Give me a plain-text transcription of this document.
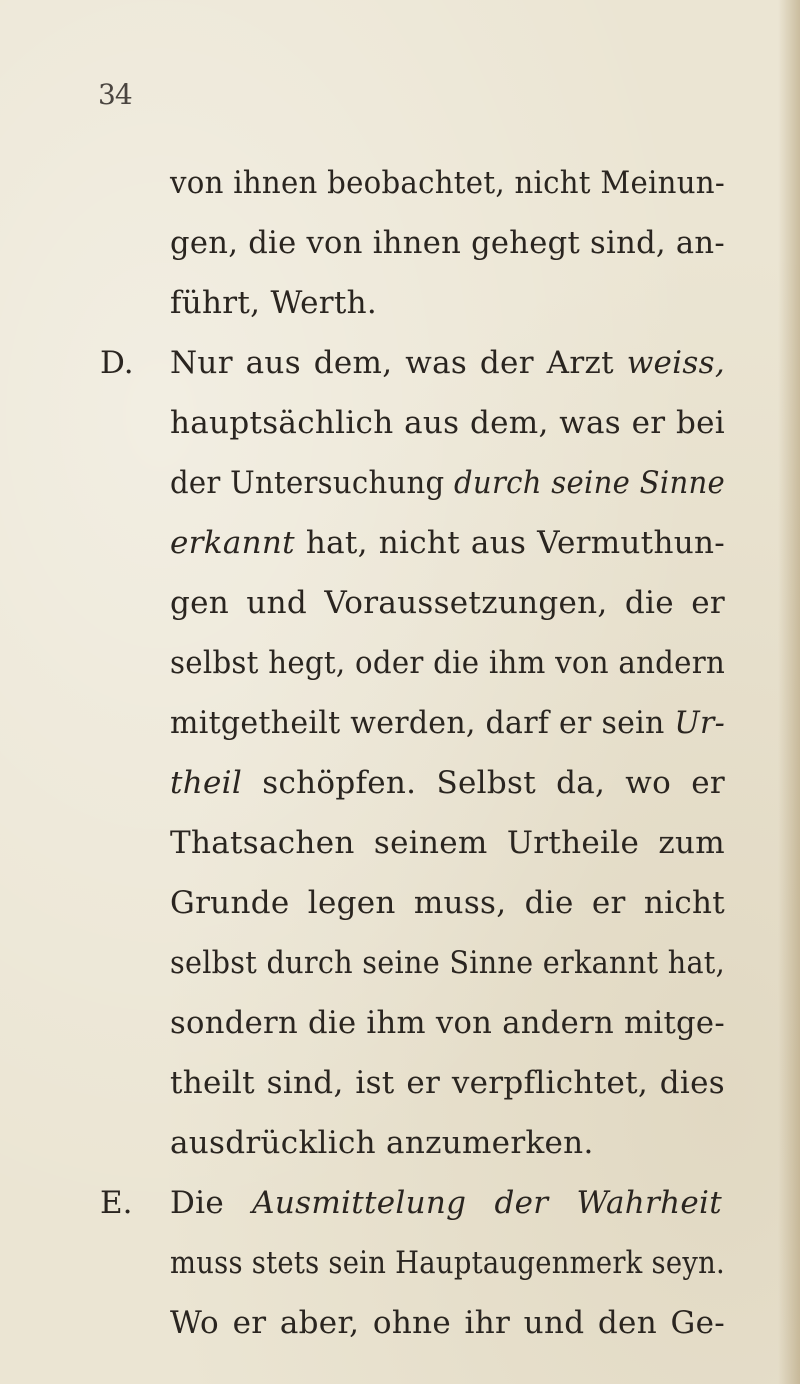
34
von ihnen beobachtet, nicht Meinun-
gen, die von ihnen gehegt sind, an-
führt, Werth.
D. Nur aus dem, was der Arzt weiss,
hauptsächlich aus dem, was er bei
der Untersuchung durch seine Sinne
erkannt hat, nicht aus Vermuthun-
gen und Voraussetzungen, die er
selbst hegt, oder die ihm von andern
mitgetheilt werden, darf er sein Ur-
theil schöpfen. Selbst da, wo er
Thatsachen seinem Urtheile zum
Grunde legen muss, die er nicht
selbst durch seine Sinne erkannt hat,
sondern die ihm von andern mitge-
theilt sind, ist er verpflichtet, dies
ausdrücklich anzumerken.
E. Die Ausmittelung der Wahrheit
muss stets sein Hauptaugenmerk seyn.
Wo er aber, ohne ihr und den Ge-
